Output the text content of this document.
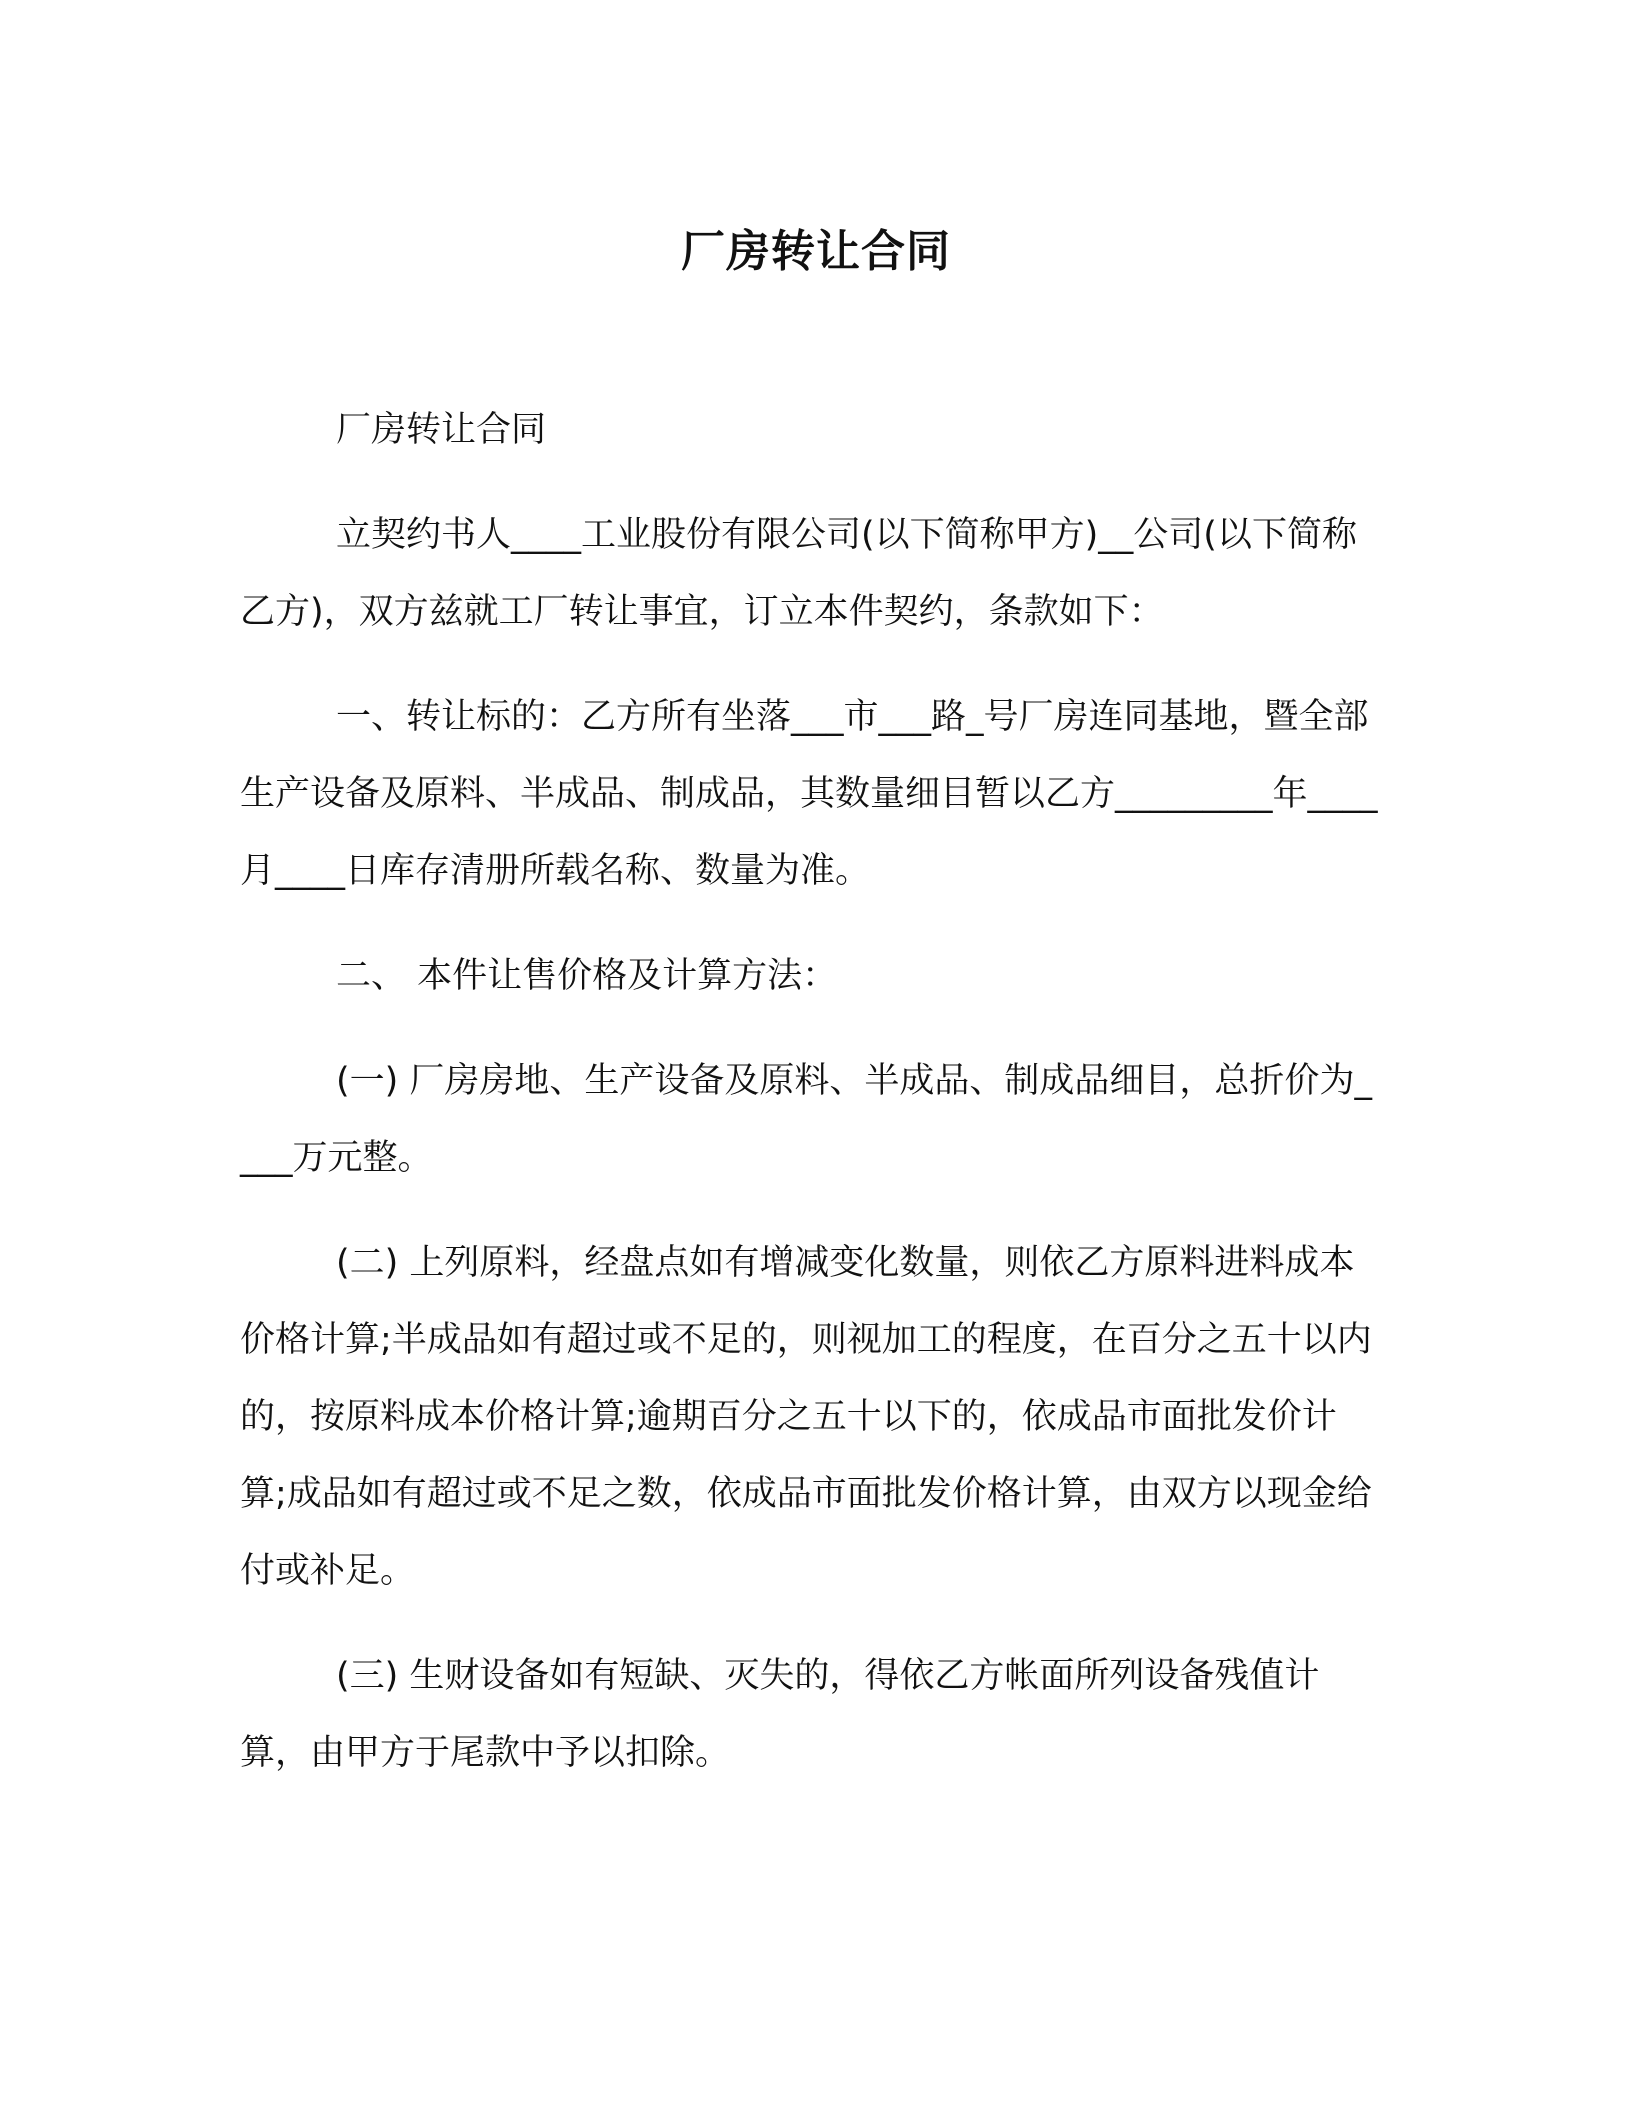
厂房转让合同

厂房转让合同

立契约书人____工业股份有限公司(以下简称甲方)__公司(以下简称乙方)，双方兹就工厂转让事宜，订立本件契约，条款如下：

一、转让标的：乙方所有坐落___市___路_号厂房连同基地，暨全部生产设备及原料、半成品、制成品，其数量细目暂以乙方_________年____月____日库存清册所载名称、数量为准。

二、 本件让售价格及计算方法：

(一) 厂房房地、生产设备及原料、半成品、制成品细目，总折价为____万元整。

(二) 上列原料，经盘点如有增减变化数量，则依乙方原料进料成本价格计算;半成品如有超过或不足的，则视加工的程度，在百分之五十以内的，按原料成本价格计算;逾期百分之五十以下的，依成品市面批发价计算;成品如有超过或不足之数，依成品市面批发价格计算，由双方以现金给付或补足。

(三) 生财设备如有短缺、灭失的，得依乙方帐面所列设备残值计算，由甲方于尾款中予以扣除。
